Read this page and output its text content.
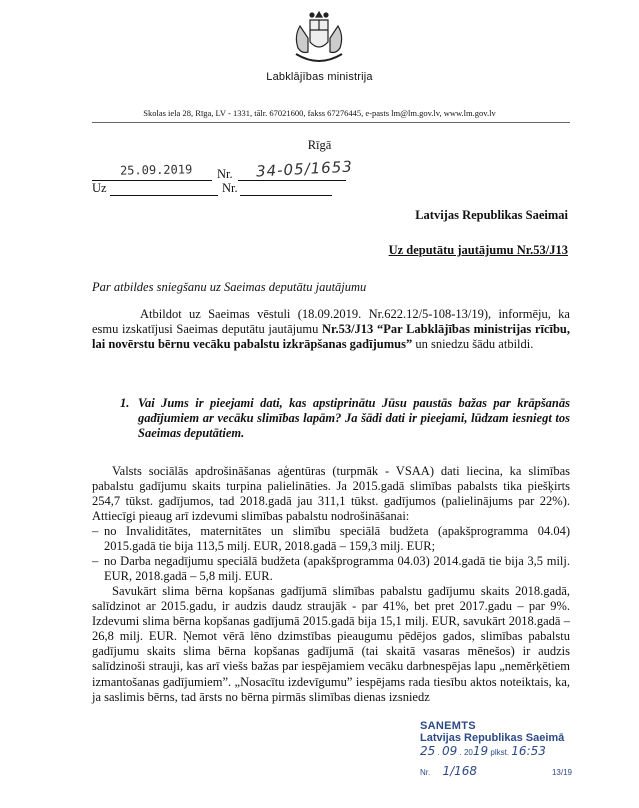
Labklājības ministrija
Skolas iela 28, Rīga, LV - 1331, tālr. 67021600, fakss 67276445, e-pasts lm@lm.gov.lv, www.lm.gov.lv
Rīgā
25.09.2019 Nr. 34-05/1653
Uz	Nr.
Latvijas Republikas Saeimai
Uz deputātu jautājumu Nr.53/J13
Par atbildes sniegšanu uz Saeimas deputātu jautājumu
Atbildot uz Saeimas vēstuli (18.09.2019. Nr.622.12/5-108-13/19), informēju, ka esmu izskatījusi Saeimas deputātu jautājumu Nr.53/J13 “Par Labklājības ministrijas rīcību, lai novērstu bērnu vecāku pabalstu izkrāpšanas gadījumus” un sniedzu šādu atbildi.
1. Vai Jums ir pieejami dati, kas apstiprinātu Jūsu paustās bažas par krāpšanās gadījumiem ar vecāku slimības lapām? Ja šādi dati ir pieejami, lūdzam iesniegt tos Saeimas deputātiem.
Valsts sociālās apdrošināšanas aģentūras (turpmāk - VSAA) dati liecina, ka slimības pabalstu gadījumu skaits turpina palielināties. Ja 2015.gadā slimības pabalsts tika piešķirts 254,7 tūkst. gadījumos, tad 2018.gadā jau 311,1 tūkst. gadījumos (palielinājums par 22%). Attiecīgi pieaug arī izdevumi slimības pabalstu nodrošināšanai:
– no Invaliditātes, maternitātes un slimību speciālā budžeta (apakšprogramma 04.04) 2015.gadā tie bija 113,5 milj. EUR, 2018.gadā – 159,3 milj. EUR;
– no Darba negadījumu speciālā budžeta (apakšprogramma 04.03) 2014.gadā tie bija 3,5 milj. EUR, 2018.gadā – 5,8 milj. EUR.
Savukārt slima bērna kopšanas gadījumā slimības pabalstu gadījumu skaits 2018.gadā, salīdzinot ar 2015.gadu, ir audzis daudz straujāk - par 41%, bet pret 2017.gadu – par 9%. Izdevumi slima bērna kopšanas gadījumā 2015.gadā bija 15,1 milj. EUR, savukārt 2018.gadā – 26,8 milj. EUR. Ņemot vērā lēno dzimstības pieaugumu pēdējos gados, slimības pabalstu gadījumu skaits slima bērna kopšanas gadījumā (tai skaitā vasaras mēnešos) ir audzis salīdzinoši strauji, kas arī viešs bažas par iespējamiem vecāku darbnespējas lapu „neměrķētiem izmantošanas gadījumiem”. „Nosacītu izdevīgumu” iespējams rada tiesību aktos noteiktais, ka, ja saslimis bērns, tad ārsts no bērna pirmās slimības dienas izsniedz
SANEMTS
Latvijas Republikas Saeimā
25 . 09 . 2019 plkst. 16:53
Nr. 1/168	13/19
